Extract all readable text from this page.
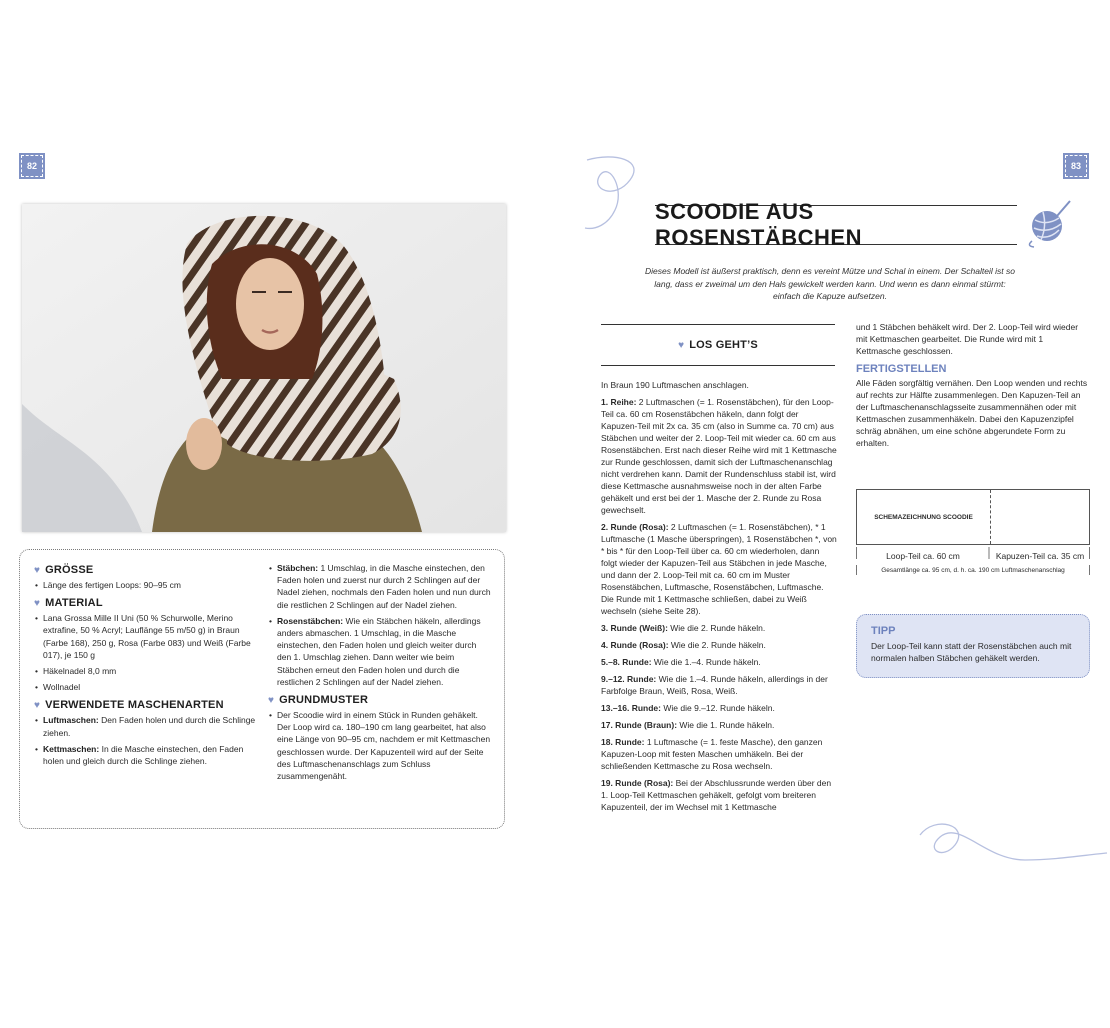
82	83
♥ GRÖSSE
• Länge des fertigen Loops: 90–95 cm
♥ MATERIAL
• Lana Grossa Mille II Uni (50 % Schurwolle, Merino extrafine, 50 % Acryl; Lauflänge 55 m/50 g) in Braun (Farbe 168), 250 g, Rosa (Farbe 083) und Weiß (Farbe 017), je 150 g
• Häkelnadel 8,0 mm
• Wollnadel
♥ VERWENDETE MASCHENARTEN
• Luftmaschen: Den Faden holen und durch die Schlinge ziehen.
• Kettmaschen: In die Masche einstechen, den Faden holen und gleich durch die Schlinge ziehen.
• Stäbchen: 1 Umschlag, in die Masche einstechen, den Faden holen und zuerst nur durch 2 Schlingen auf der Nadel ziehen, nochmals den Faden holen und nun durch die restlichen 2 Schlingen auf der Nadel ziehen.
• Rosenstäbchen: Wie ein Stäbchen häkeln, allerdings anders abmaschen. 1 Umschlag, in die Masche einstechen, den Faden holen und gleich weiter durch den 1. Umschlag ziehen. Dann weiter wie beim Stäbchen erneut den Faden holen und durch die restlichen 2 Schlingen auf der Nadel ziehen.
♥ GRUNDMUSTER
• Der Scoodie wird in einem Stück in Runden gehäkelt. Der Loop wird ca. 180–190 cm lang gearbeitet, hat also eine Länge von 90–95 cm, nachdem er mit Kettmaschen geschlossen wurde. Der Kapuzenteil wird auf der Seite des Luftmaschenanschlags zum Schluss zusammengenäht.
SCOODIE AUS ROSENSTÄBCHEN
Dieses Modell ist äußerst praktisch, denn es vereint Mütze und Schal in einem. Der Schalteil ist so lang, dass er zweimal um den Hals gewickelt werden kann. Und wenn es dann einmal stürmt: einfach die Kapuze aufsetzen.
♥ LOS GEHT’S

In Braun 190 Luftmaschen anschlagen.

1. Reihe: 2 Luftmaschen (= 1. Rosenstäbchen), für den Loop-Teil ca. 60 cm Rosenstäbchen häkeln, dann folgt der Kapuzen-Teil mit 2x ca. 35 cm (also in Summe ca. 70 cm) aus Stäbchen und weiter der 2. Loop-Teil mit wieder ca. 60 cm aus Rosenstäbchen. Erst nach dieser Reihe wird mit 1 Kettmasche zur Runde geschlossen, damit sich der Luftmaschenanschlag nicht verdrehen kann. Damit der Rundenschluss stabil ist, wird diese Kettmasche ausnahmsweise noch in der alten Farbe gehäkelt und erst bei der 1. Masche der 2. Runde zu Rosa gewechselt.

2. Runde (Rosa): 2 Luftmaschen (= 1. Rosenstäbchen), * 1 Luftmasche (1 Masche überspringen), 1 Rosenstäbchen *, von * bis * für den Loop-Teil über ca. 60 cm wiederholen, dann folgt wieder der Kapuzen-Teil aus Stäbchen in jede Masche, und dann der 2. Loop-Teil mit ca. 60 cm im Muster Rosenstäbchen, Luftmasche, Rosenstäbchen, Luftmasche. Die Runde mit 1 Kettmasche schließen, dabei zu Weiß wechseln (siehe Seite 28).

3. Runde (Weiß): Wie die 2. Runde häkeln.

4. Runde (Rosa): Wie die 2. Runde häkeln.

5.–8. Runde: Wie die 1.–4. Runde häkeln.

9.–12. Runde: Wie die 1.–4. Runde häkeln, allerdings in der Farbfolge Braun, Weiß, Rosa, Weiß.

13.–16. Runde: Wie die 9.–12. Runde häkeln.

17. Runde (Braun): Wie die 1. Runde häkeln.

18. Runde: 1 Luftmasche (= 1. feste Masche), den ganzen Kapuzen-Loop mit festen Maschen umhäkeln. Bei der schließenden Kettmasche zu Rosa wechseln.

19. Runde (Rosa): Bei der Abschlussrunde werden über den 1. Loop-Teil Kettmaschen gehäkelt, gefolgt vom breiteren Kapuzenteil, der im Wechsel mit 1 Kettmasche

und 1 Stäbchen behäkelt wird. Der 2. Loop-Teil wird wieder mit Kettmaschen gearbeitet. Die Runde wird mit 1 Kettmasche geschlossen.

FERTIGSTELLEN

Alle Fäden sorgfältig vernähen. Den Loop wenden und rechts auf rechts zur Hälfte zusammenlegen. Den Kapuzen-Teil an der Luftmaschenanschlagsseite zusammennähen oder mit Kettmaschen zusammenhäkeln. Dabei den Kapuzenzipfel schräg abnähen, um eine schöne abgerundete Form zu erhalten.

SCHEMAZEICHNUNG SCOODIE
Loop-Teil ca. 60 cm	Kapuzen-Teil ca. 35 cm
Gesamtlänge ca. 95 cm, d. h. ca. 190 cm Luftmaschenanschlag
TIPP
Der Loop-Teil kann statt der Rosenstäbchen auch mit normalen halben Stäbchen gehäkelt werden.
